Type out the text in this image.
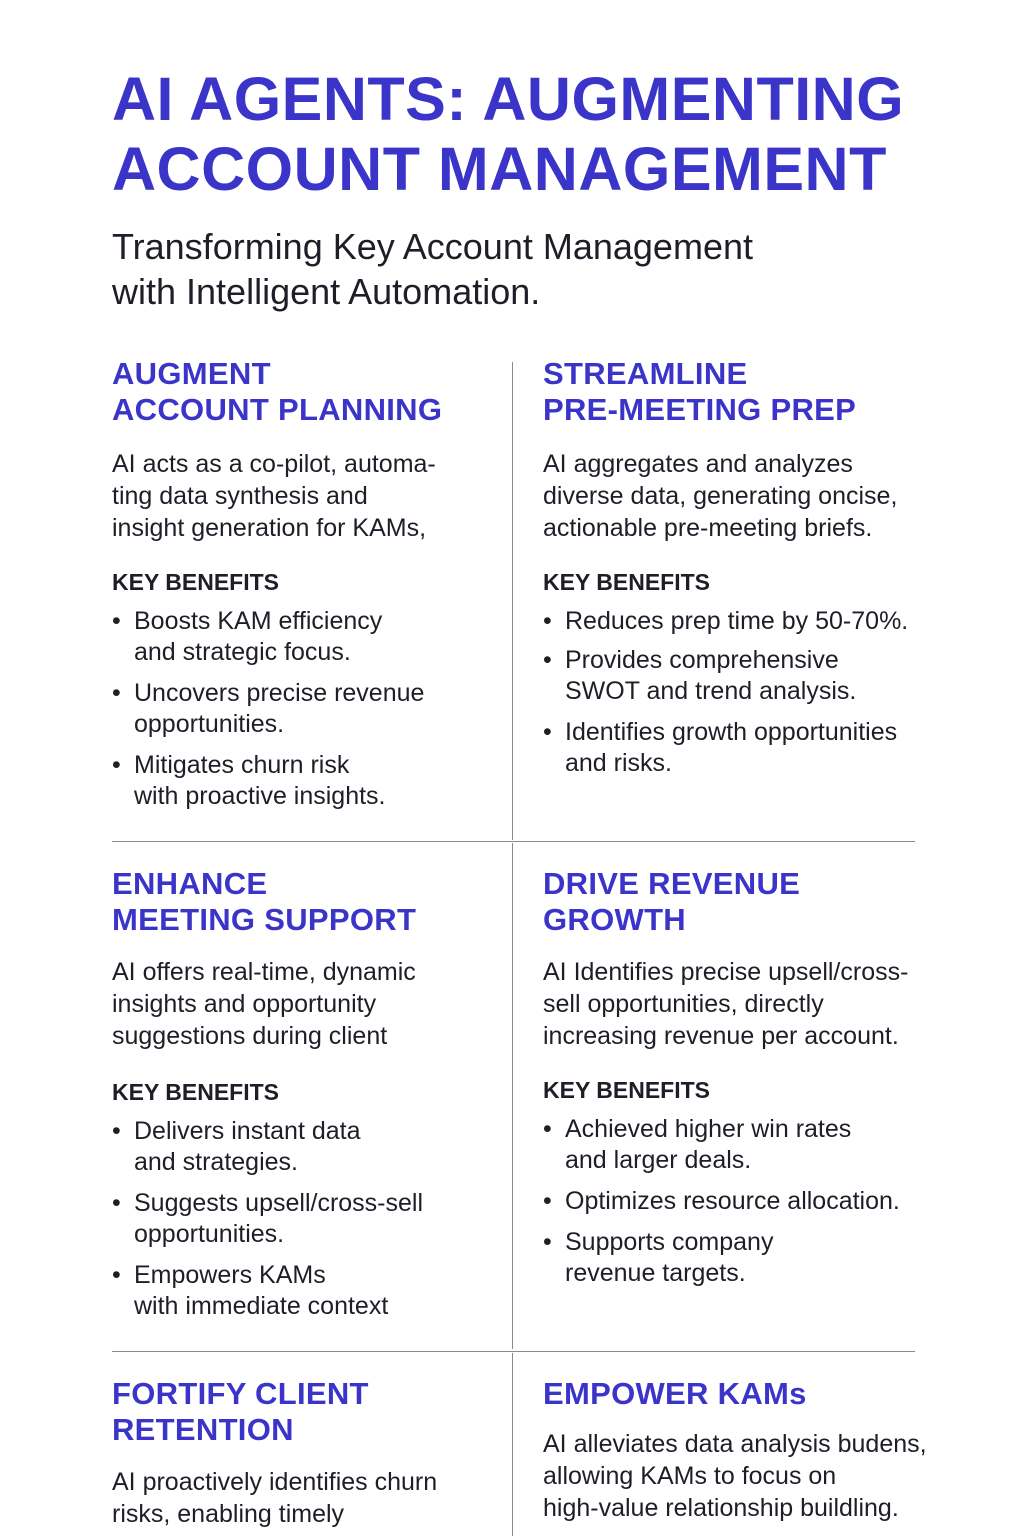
AI AGENTS: AUGMENTING
ACCOUNT MANAGEMENT

Transforming Key Account Management
with Intelligent Automation.

AUGMENT
ACCOUNT PLANNING

AI acts as a co-pilot, automa-
ting data synthesis and
insight generation for KAMs,

KEY BENEFITS
• Boosts KAM efficiency
and strategic focus.
• Uncovers precise revenue
opportunities.
• Mitigates churn risk
with proactive insights.
STREAMLINE
PRE-MEETING PREP

AI aggregates and analyzes
diverse data, generating oncise,
actionable pre-meeting briefs.

KEY BENEFITS
• Reduces prep time by 50-70%.
• Provides comprehensive
SWOT and trend analysis.
• Identifies growth opportunities
and risks.
ENHANCE
MEETING SUPPORT

AI offers real-time, dynamic
insights and opportunity
suggestions during client

KEY BENEFITS
• Delivers instant data
and strategies.
• Suggests upsell/cross-sell
opportunities.
• Empowers KAMs
with immediate context
DRIVE REVENUE
GROWTH

AI Identifies precise upsell/cross-
sell opportunities, directly
increasing revenue per account.

KEY BENEFITS
• Achieved higher win rates
and larger deals.
• Optimizes resource allocation.
• Supports company
revenue targets.
FORTIFY CLIENT
RETENTION

AI proactively identifies churn
risks, enabling timely

EMPOWER KAMs

AI alleviates data analysis budens,
allowing KAMs to focus on
high-value relationship buildling.
